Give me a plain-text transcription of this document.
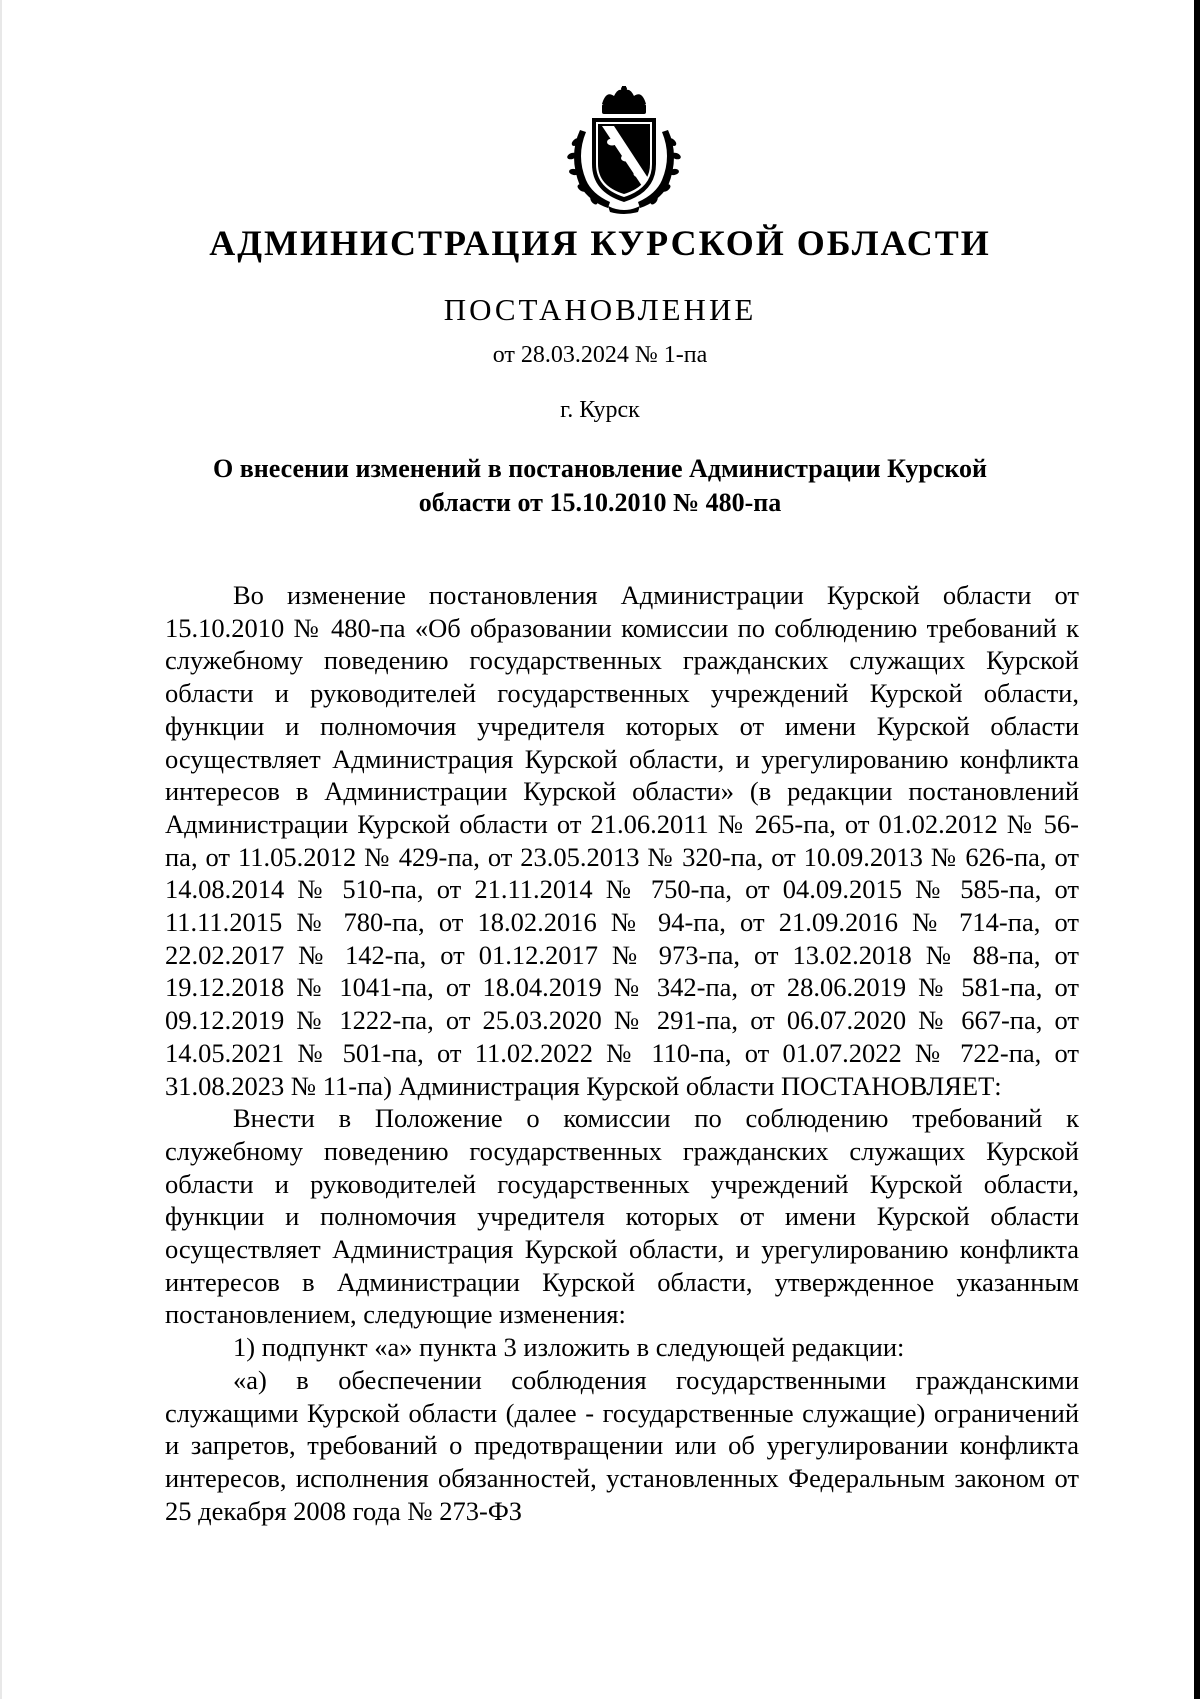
АДМИНИСТРАЦИЯ КУРСКОЙ ОБЛАСТИ
ПОСТАНОВЛЕНИЕ
от 28.03.2024 № 1-па
г. Курск
О внесении изменений в постановление Администрации Курской
области от 15.10.2010 № 480-па

Во изменение постановления Администрации Курской области от 15.10.2010 № 480-па «Об образовании комиссии по соблюдению требований к служебному поведению государственных гражданских служащих Курской области и руководителей государственных учреждений Курской области, функции и полномочия учредителя которых от имени Курской области осуществляет Администрация Курской области, и урегулированию конфликта интересов в Администрации Курской области» (в редакции постановлений Администрации Курской области от 21.06.2011 № 265-па, от 01.02.2012 № 56-па, от 11.05.2012 № 429-па, от 23.05.2013 № 320-па, от 10.09.2013 № 626-па, от 14.08.2014 № 510-па, от 21.11.2014 № 750-па, от 04.09.2015 № 585-па, от 11.11.2015 № 780-па, от 18.02.2016 № 94-па, от 21.09.2016 № 714-па, от 22.02.2017 № 142-па, от 01.12.2017 № 973-па, от 13.02.2018 № 88-па, от 19.12.2018 № 1041-па, от 18.04.2019 № 342-па, от 28.06.2019 № 581-па, от 09.12.2019 № 1222-па, от 25.03.2020 № 291-па, от 06.07.2020 № 667-па, от 14.05.2021 № 501-па, от 11.02.2022 № 110-па, от 01.07.2022 № 722-па, от 31.08.2023 № 11-па) Администрация Курской области ПОСТАНОВЛЯЕТ:

Внести в Положение о комиссии по соблюдению требований к служебному поведению государственных гражданских служащих Курской области и руководителей государственных учреждений Курской области, функции и полномочия учредителя которых от имени Курской области осуществляет Администрация Курской области, и урегулированию конфликта интересов в Администрации Курской области, утвержденное указанным постановлением, следующие изменения:

1) подпункт «а» пункта 3 изложить в следующей редакции:

«а) в обеспечении соблюдения государственными гражданскими служащими Курской области (далее - государственные служащие) ограничений и запретов, требований о предотвращении или об урегулировании конфликта интересов, исполнения обязанностей, установленных Федеральным законом от 25 декабря 2008 года № 273-ФЗ
